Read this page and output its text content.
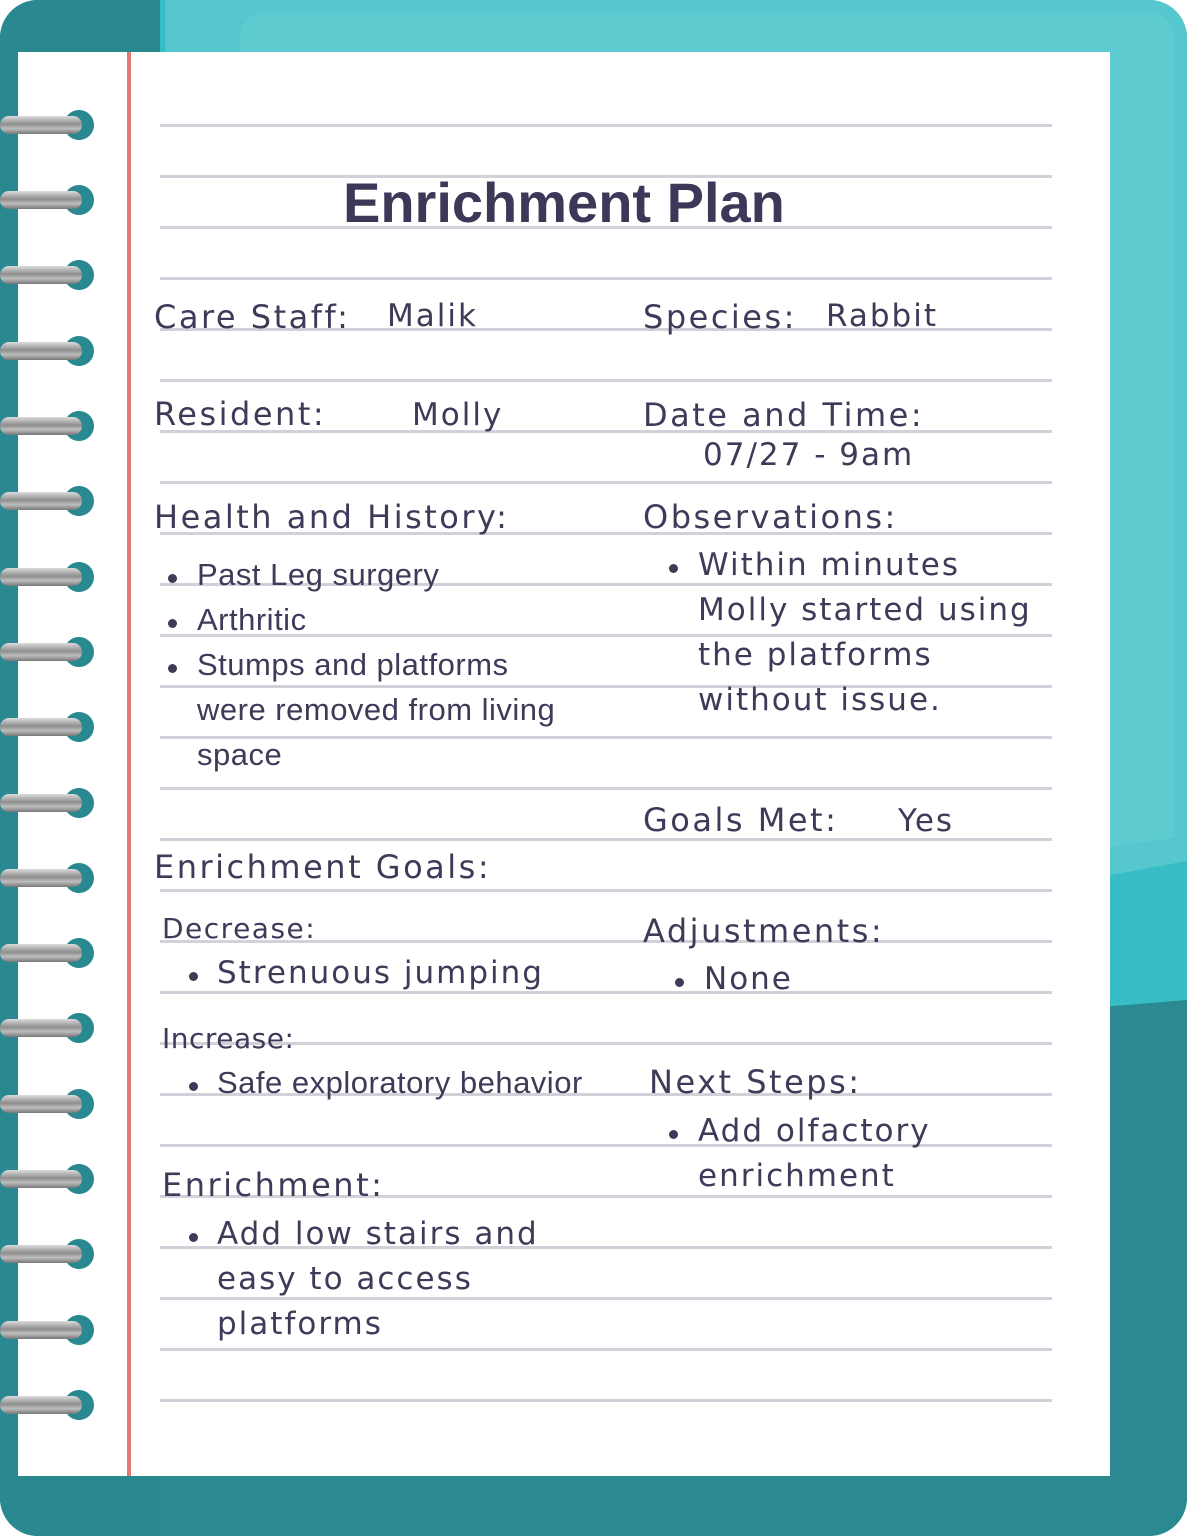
Enrichment Plan
Care Staff: Malik	Species: Rabbit
Resident:	Molly	Date and Time:
07/27 - 9am
Health and History:
Past Leg surgery
Arthritic
Stumps and platforms
were removed from living
space
Observations:
Within minutes
Molly started using
the platforms
without issue.
Goals Met: Yes
Enrichment Goals:
Decrease:
Strenuous jumping
Increase:
Safe exploratory behavior
Adjustments:
None
Next Steps:
Add olfactory
enrichment
Enrichment:
Add low stairs and
easy to access
platforms
